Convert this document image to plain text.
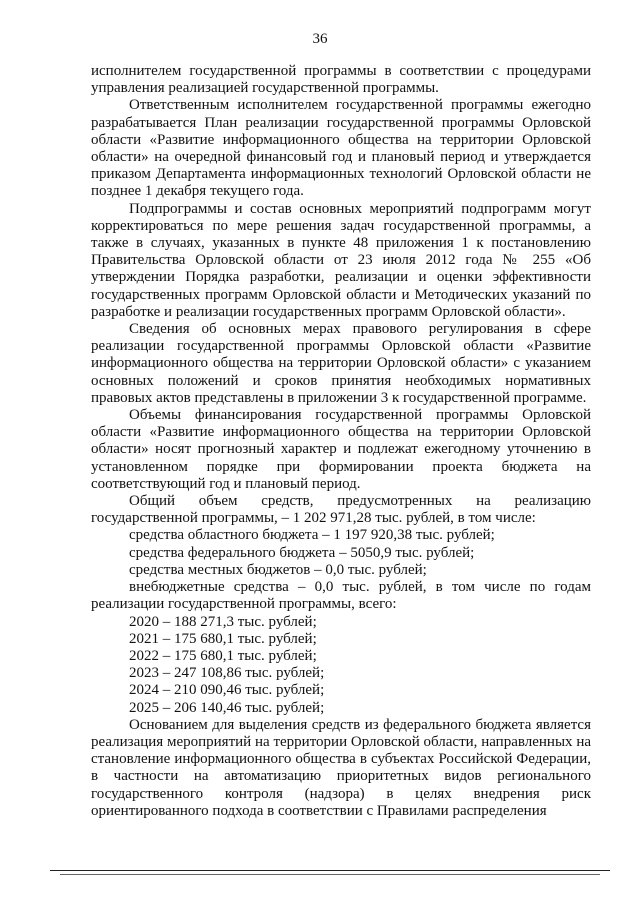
36

исполнителем государственной программы в соответствии с процедурами управления реализацией государственной программы.

Ответственным исполнителем государственной программы ежегодно разрабатывается План реализации государственной программы Орловской области «Развитие информационного общества на территории Орловской области» на очередной финансовый год и плановый период и утверждается приказом Департамента информационных технологий Орловской области не позднее 1 декабря текущего года.

Подпрограммы и состав основных мероприятий подпрограмм могут корректироваться по мере решения задач государственной программы, а также в случаях, указанных в пункте 48 приложения 1 к постановлению Правительства Орловской области от 23 июля 2012 года № 255 «Об утверждении Порядка разработки, реализации и оценки эффективности государственных программ Орловской области и Методических указаний по разработке и реализации государственных программ Орловской области».

Сведения об основных мерах правового регулирования в сфере реализации государственной программы Орловской области «Развитие информационного общества на территории Орловской области» с указанием основных положений и сроков принятия необходимых нормативных правовых актов представлены в приложении 3 к государственной программе.

Объемы финансирования государственной программы Орловской области «Развитие информационного общества на территории Орловской области» носят прогнозный характер и подлежат ежегодному уточнению в установленном порядке при формировании проекта бюджета на соответствующий год и плановый период.

Общий объем средств, предусмотренных на реализацию государственной программы, – 1 202 971,28 тыс. рублей, в том числе:

средства областного бюджета – 1 197 920,38 тыс. рублей;

средства федерального бюджета – 5050,9 тыс. рублей;

средства местных бюджетов – 0,0 тыс. рублей;

внебюджетные средства – 0,0 тыс. рублей, в том числе по годам реализации государственной программы, всего:

2020 – 188 271,3 тыс. рублей;

2021 – 175 680,1 тыс. рублей;

2022 – 175 680,1 тыс. рублей;

2023 – 247 108,86 тыс. рублей;

2024 – 210 090,46 тыс. рублей;

2025 – 206 140,46 тыс. рублей;

Основанием для выделения средств из федерального бюджета является реализация мероприятий на территории Орловской области, направленных на становление информационного общества в субъектах Российской Федерации, в частности на автоматизацию приоритетных видов регионального государственного контроля (надзора) в целях внедрения риск ориентированного подхода в соответствии с Правилами распределения
